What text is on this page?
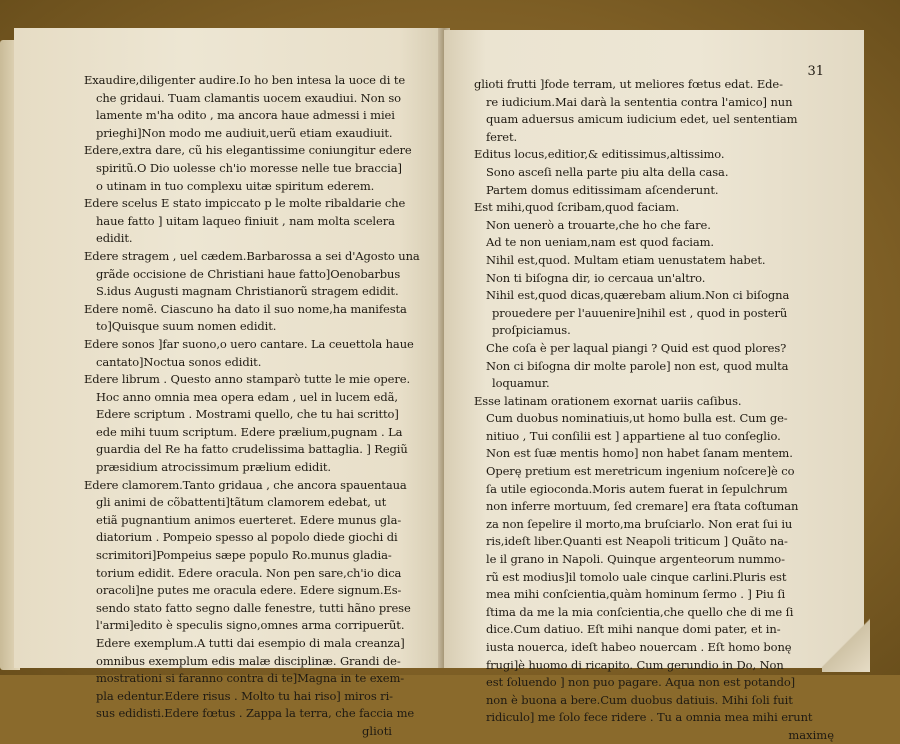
Exaudire,diligenter audire.Io ho ben intesa la uoce di te
che gridaui. Tuam clamantis uocem exaudiui. Non so
lamente m'ha odito , ma ancora haue admessi i miei
prieghi]Non modo me audiuit,uerũ etiam exaudiuit.
Edere,extra dare, cũ his elegantissime coniungitur edere
spiritũ.O Dio uolesse ch'io moresse nelle tue braccia]
o utinam in tuo complexu uitæ spiritum ederem.
Edere scelus E stato impiccato p le molte ribaldarie che
haue fatto ] uitam laqueo finiuit , nam molta scelera
edidit.
Edere stragem , uel cædem.Barbarossa a sei d'Agosto una
grãde occisione de Christiani haue fatto]Oenobarbus
S.idus Augusti magnam Christianorũ stragem edidit.
Edere nomẽ. Ciascuno ha dato il suo nome,ha manifesta
to]Quisque suum nomen edidit.
Edere sonos ]far suono,o uero cantare. La ceuettola haue
cantato]Noctua sonos edidit.
Edere librum . Questo anno stamparò tutte le mie opere.
Hoc anno omnia mea opera edam , uel in lucem edã,
Edere scriptum . Mostrami quello, che tu hai scritto]
ede mihi tuum scriptum. Edere prælium,pugnam . La
guardia del Re ha fatto crudelissima battaglia. ] Regiũ
præsidium atrocissimum prælium edidit.
Edere clamorem.Tanto gridaua , che ancora spauentaua
gli animi de cõbattenti]tãtum clamorem edebat, ut
etiã pugnantium animos euerteret. Edere munus gla-
diatorium . Pompeio spesso al popolo diede giochi di
scrimitori]Pompeius sæpe populo Ro.munus gladia-
torium edidit. Edere oracula. Non pen sare,ch'io dica
oracoli]ne putes me oracula edere. Edere signum.Es-
sendo stato fatto segno dalle fenestre, tutti hãno prese
l'armi]edito è speculis signo,omnes arma corripuerũt.
Edere exemplum.A tutti dai esempio di mala creanza]
omnibus exemplum edis malæ disciplinæ. Grandi de-
mostrationi si faranno contra di te]Magna in te exem-
pla edentur.Edere risus . Molto tu hai riso] miros ri-
sus edidisti.Edere fœtus . Zappa la terra, che faccia me
glioti
31
glioti frutti ]fode terram, ut meliores fœtus edat. Ede-
re iudicium.Mai darà la sententia contra l'amico] nun
quam aduersus amicum iudicium edet, uel sententiam
feret.
Editus locus,editior,& editissimus,altissimo.
Sono asceſi nella parte piu alta della casa.
Partem domus editissimam aſcenderunt.
Est mihi,quod ſcribam,quod faciam.
Non uenerò a trouarte,che ho che fare.
Ad te non ueniam,nam est quod faciam.
Nihil est,quod. Multam etiam uenustatem habet.
Non ti biſogna dir, io cercaua un'altro.
Nihil est,quod dicas,quærebam alium.Non ci biſogna
prouedere per l'auuenire]nihil est , quod in posterũ
proſpiciamus.
Che coſa è per laqual piangi ? Quid est quod plores?
Non ci biſogna dir molte parole] non est, quod multa
loquamur.
Esse latinam orationem exornat uariis caſibus.
Cum duobus nominatiuis,ut homo bulla est. Cum ge-
nitiuo , Tui conſilii est ] appartiene al tuo conſeglio.
Non est ſuæ mentis homo] non habet ſanam mentem.
Operę pretium est meretricum ingenium noſcere]è co
ſa utile egioconda.Moris autem fuerat in ſepulchrum
non inferre mortuum, ſed cremare] era ſtata coſtuman
za non ſepelire il morto,ma bruſciarlo. Non erat ſui iu
ris,ideſt liber.Quanti est Neapoli triticum ] Quãto na-
le il grano in Napoli. Quinque argenteorum nummo-
rũ est modius]il tomolo uale cinque carlini.Pluris est
mea mihi conſcientia,quàm hominum ſermo . ] Piu ſi
ſtima da me la mia conſcientia,che quello che di me ſi
dice.Cum datiuo. Eſt mihi nanque domi pater, et in-
iusta nouerca, ideſt habeo nouercam . Eſt homo bonę
frugi]è huomo di ricapito. Cum gerundio in Do, Non
est ſoluendo ] non puo pagare. Aqua non est potando]
non è buona a bere.Cum duobus datiuis. Mihi ſoli fuit
ridiculo] me ſolo fece ridere . Tu a omnia mea mihi erunt
maximę
